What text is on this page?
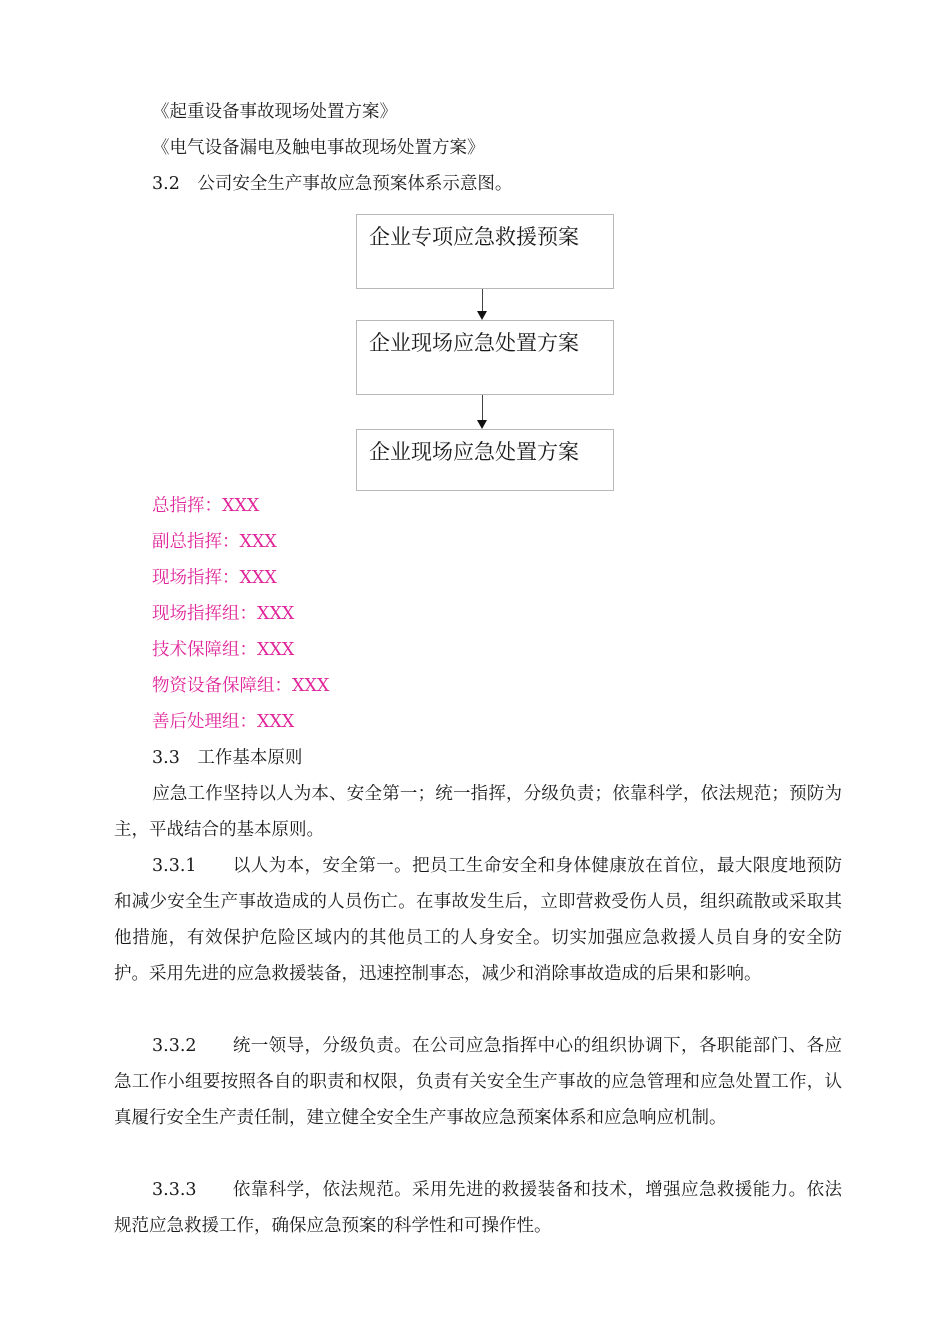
《起重设备事故现场处置方案》
《电气设备漏电及触电事故现场处置方案》
3.2　公司安全生产事故应急预案体系示意图。
企业专项应急救援预案
企业现场应急处置方案
企业现场应急处置方案
总指挥：XXX
副总指挥：XXX
现场指挥：XXX
现场指挥组：XXX
技术保障组：XXX
物资设备保障组：XXX
善后处理组：XXX
3.3　工作基本原则
应急工作坚持以人为本、安全第一；统一指挥，分级负责；依靠科学，依法规范；预防为主，平战结合的基本原则。
3.3.1　　以人为本，安全第一。把员工生命安全和身体健康放在首位，最大限度地预防和减少安全生产事故造成的人员伤亡。在事故发生后，立即营救受伤人员，组织疏散或采取其他措施，有效保护危险区域内的其他员工的人身安全。切实加强应急救援人员自身的安全防护。采用先进的应急救援装备，迅速控制事态，减少和消除事故造成的后果和影响。
3.3.2　　统一领导，分级负责。在公司应急指挥中心的组织协调下，各职能部门、各应急工作小组要按照各自的职责和权限，负责有关安全生产事故的应急管理和应急处置工作，认真履行安全生产责任制，建立健全安全生产事故应急预案体系和应急响应机制。
3.3.3　　依靠科学，依法规范。采用先进的救援装备和技术，增强应急救援能力。依法规范应急救援工作，确保应急预案的科学性和可操作性。
